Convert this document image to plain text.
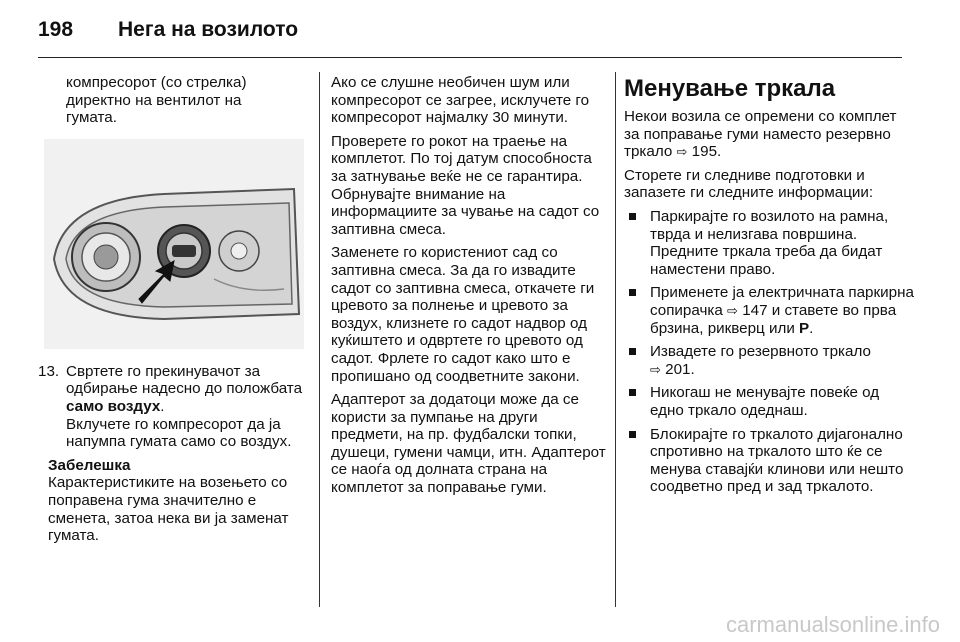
198	Нега на возилото
компресорот (со стрелка)
директно на вентилот на
гумата.
13. Свртете го прекинувачот за одбирање надесно до положбата само воздух.
Вклучете го компресорот да ја напумпа гумата само со воздух.

Забелешка

Карактеристиките на возењето со поправена гума значително е сменета, затоа нека ви ја заменат гумата.

Ако се слушне необичен шум или компресорот се загрее, исклучете го компресорот најмалку 30 минути.

Проверете го рокот на траење на комплетот. По тој датум способноста за затнување веќе не се гарантира. Обрнувајте внимание на информациите за чување на садот со заптивна смеса.

Заменете го користениот сад со заптивна смеса. За да го извадите садот со заптивна смеса, откачете ги цревото за полнење и цревото за воздух, клизнете го садот надвор од куќиштето и одвртете го цревото од садот. Фрлете го садот како што е пропишано од соодветните закони.

Адаптерот за додатоци може да се користи за пумпање на други предмети, на пр. фудбалски топки, душеци, гумени чамци, итн. Адаптерот се наоѓа од долната страна на комплетот за поправање гуми.

Менување тркала

Некои возила се опремени со комплет за поправање гуми наместо резервно тркало ⇨ 195.

Сторете ги следниве подготовки и запазете ги следните информации:

Паркирајте го возилото на рамна, тврда и нелизгава површина. Предните тркала треба да бидат наместени право.
Применете ја електричната паркирна сопирачка ⇨ 147 и ставете во прва брзина, рикверц или P.
Извадете го резервното тркало
⇨ 201.
Никогаш не менувајте повеќе од едно тркало одеднаш.
Блокирајте го тркалото дијагонално спротивно на тркалото што ќе се менува ставајќи клинови или нешто соодветно пред и зад тркалото.
carmanualsonline.info
